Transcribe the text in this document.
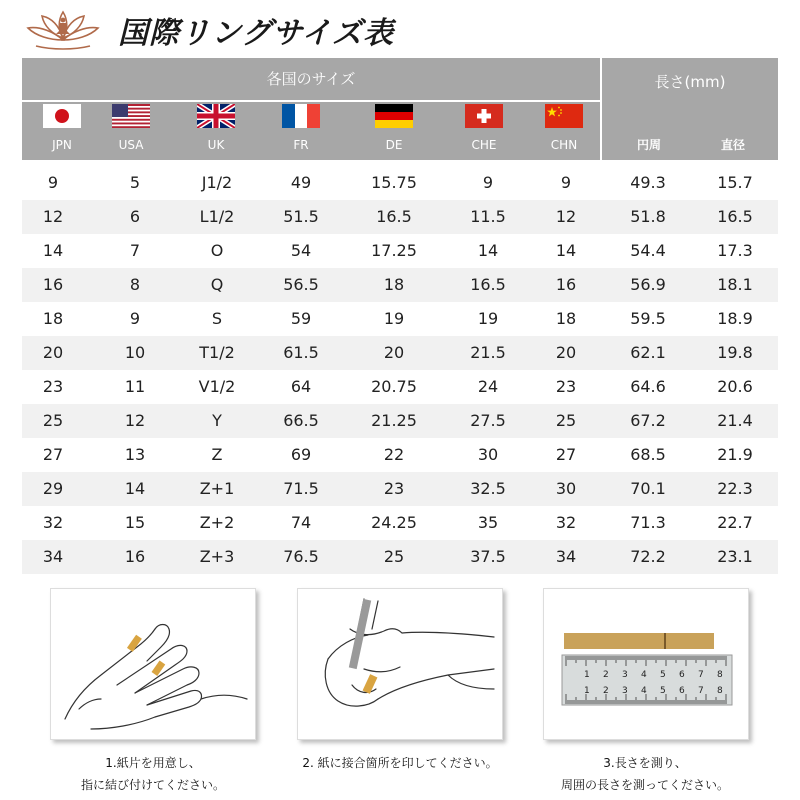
国際リングサイズ表
各国のサイズ	長さ(mm)
JPN	USA	UK	FR	DE	CHE	CHN	円周	直径
9	5	J1/2	49	15.75	9	9	49.3	15.7
12	6	L1/2	51.5	16.5	11.5	12	51.8	16.5
14	7	O	54	17.25	14	14	54.4	17.3
16	8	Q	56.5	18	16.5	16	56.9	18.1
18	9	S	59	19	19	18	59.5	18.9
20	10	T1/2	61.5	20	21.5	20	62.1	19.8
23	11	V1/2	64	20.75	24	23	64.6	20.6
25	12	Y	66.5	21.25	27.5	25	67.2	21.4
27	13	Z	69	22	30	27	68.5	21.9
29	14	Z+1	71.5	23	32.5	30	70.1	22.3
32	15	Z+2	74	24.25	35	32	71.3	22.7
34	16	Z+3	76.5	25	37.5	34	72.2	23.1
1 2 3 4 5 6 7 8
1 2 3 4 5 6 7 8
1.紙片を用意し、
指に結び付けてください。
2. 紙に接合箇所を印してください。	3.長さを測り、
周囲の長さを測ってください。
